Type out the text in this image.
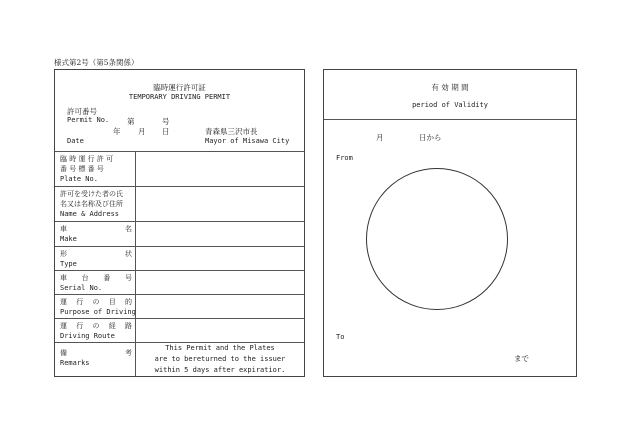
様式第2号（第5条関係）
臨時運行許可証
TEMPORARY DRIVING PERMIT
許可番号
Permit No. 第	号
年 月 日
Date
青森県三沢市長
Mayor of Misawa City
臨 時 運 行 許 可
番 号 標 番 号
Plate No.
許可を受けた者の氏
名又は名称及び住所
Name & Address
車	名
Make
形	状
Type
車 台 番 号
Serial No.
運 行 の 目 的
Purpose of Driving
運 行 の 経 路
Driving Route
備	考
Remarks
This Permit and the Plates
are to bereturned to the issuer
within 5 days after expiratior.
有 効 期 間
period of Validity
月	日から
From
To
まで
